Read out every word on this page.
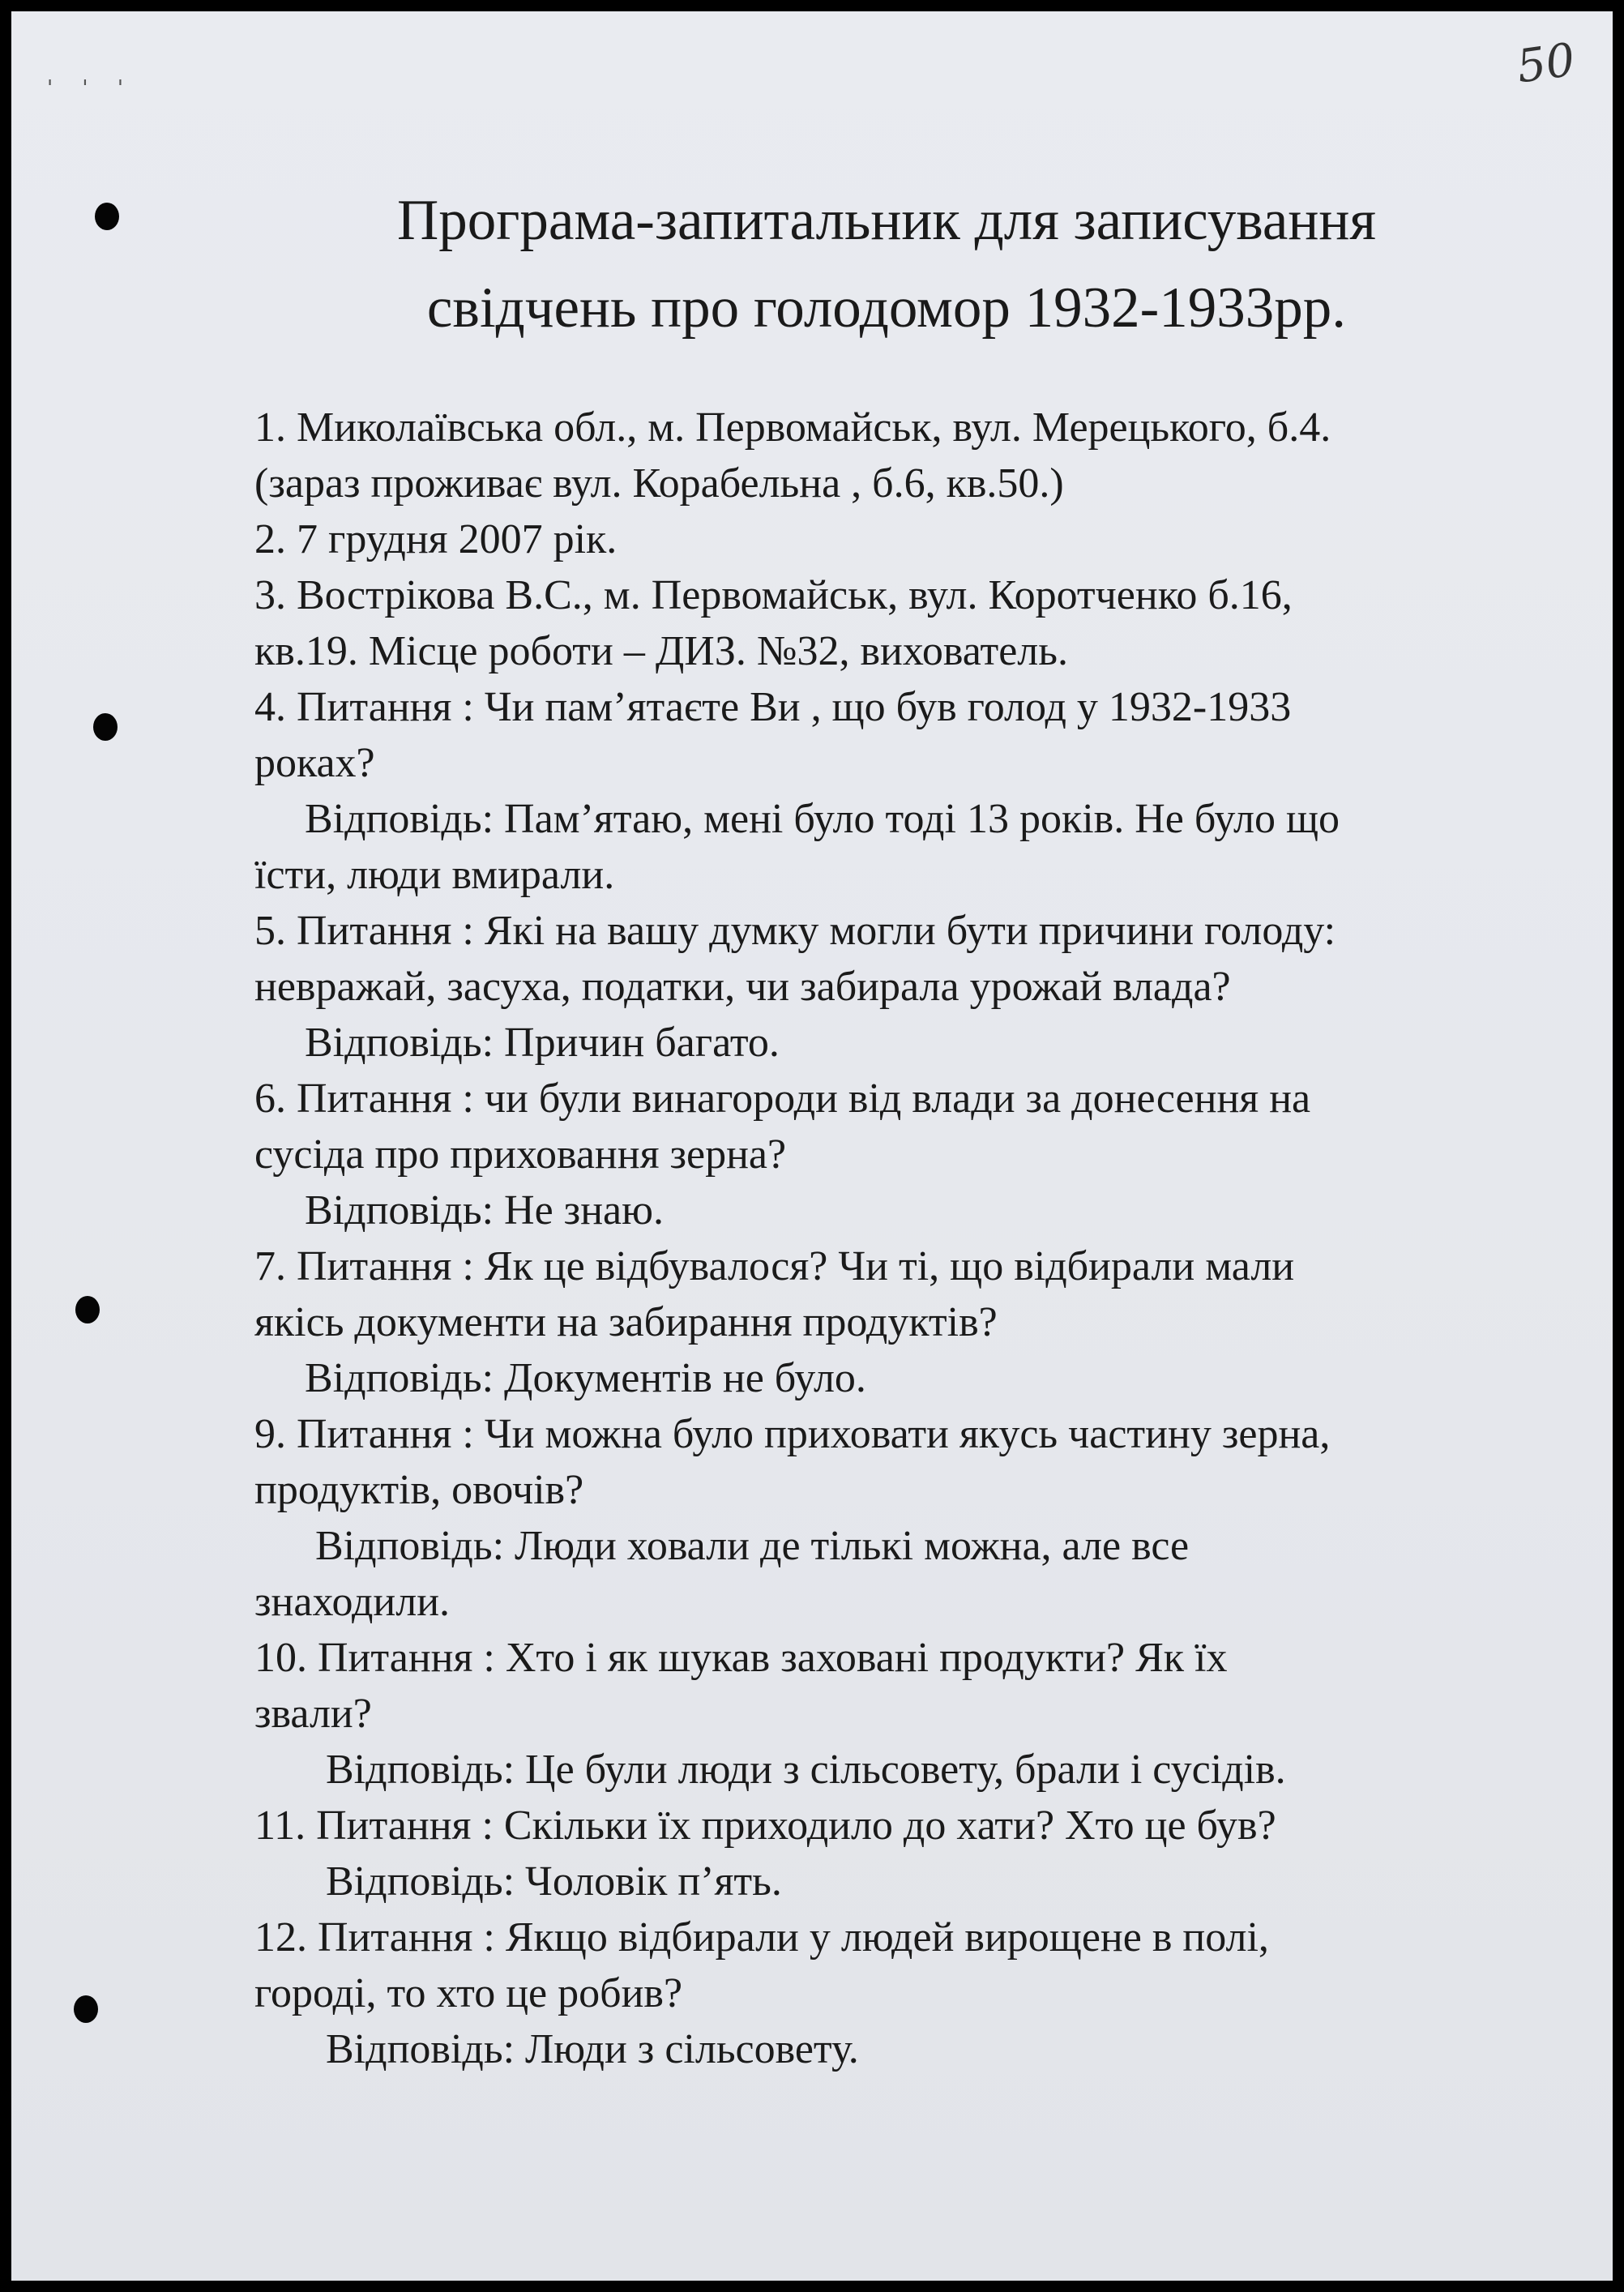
' ' '	50
Програма-запитальник для записування
свідчень про голодомор 1932-1933рр.
1. Миколаївська обл., м. Первомайськ, вул. Мерецького, б.4.
(зараз проживає вул. Корабельна , б.6, кв.50.)
2. 7 грудня 2007 рік.
3. Вострікова В.С., м. Первомайськ, вул. Коротченко б.16,
кв.19. Місце роботи – ДИЗ. №32, вихователь.
4. Питання : Чи пам’ятаєте Ви , що був голод у 1932-1933
роках?
Відповідь: Пам’ятаю, мені було тоді 13 років. Не було що
їсти, люди вмирали.
5. Питання : Які на вашу думку могли бути причини голоду:
невражай, засуха, податки, чи забирала урожай влада?
Відповідь: Причин багато.
6. Питання : чи були винагороди від влади за донесення на
сусіда про приховання зерна?
Відповідь: Не знаю.
7. Питання : Як це відбувалося? Чи ті, що відбирали мали
якісь документи на забирання продуктів?
Відповідь: Документів не було.
9. Питання : Чи можна було приховати якусь частину зерна,
продуктів, овочів?
Відповідь: Люди ховали де тількі можна, але все
знаходили.
10. Питання : Хто і як шукав заховані продукти? Як їх
звали?
Відповідь: Це були люди з сільсовету, брали і сусідів.
11. Питання : Скільки їх приходило до хати? Хто це був?
Відповідь: Чоловік п’ять.
12. Питання : Якщо відбирали у людей вирощене в полі,
городі, то хто це робив?
Відповідь: Люди з сільсовету.
